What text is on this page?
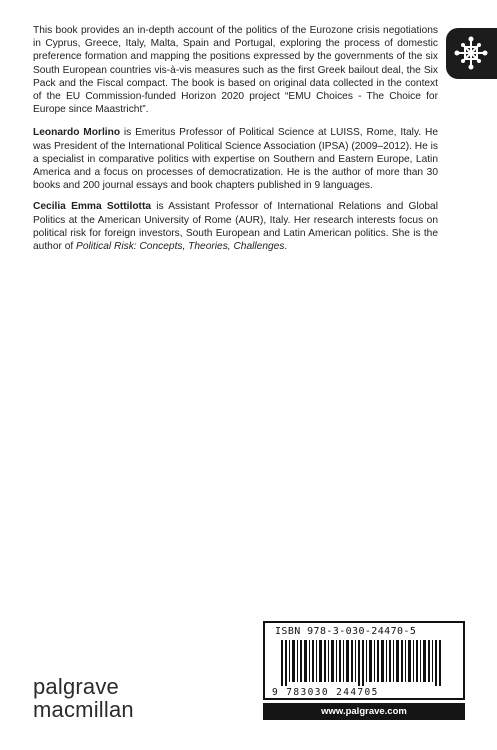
This book provides an in-depth account of the politics of the Eurozone crisis negotiations in Cyprus, Greece, Italy, Malta, Spain and Portugal, exploring the process of domestic preference formation and mapping the positions expressed by the governments of the six South European countries vis-à-vis measures such as the first Greek bailout deal, the Six Pack and the Fiscal compact. The book is based on original data collected in the context of the EU Commission-funded Horizon 2020 project “EMU Choices - The Choice for Europe since Maastricht”.

Leonardo Morlino is Emeritus Professor of Political Science at LUISS, Rome, Italy. He was President of the International Political Science Association (IPSA) (2009–2012). He is a specialist in comparative politics with expertise on Southern and Eastern Europe, Latin America and a focus on processes of democratization. He is the author of more than 30 books and 200 journal essays and book chapters published in 9 languages.

Cecilia Emma Sottilotta is Assistant Professor of International Relations and Global Politics at the American University of Rome (AUR), Italy. Her research interests focus on political risk for foreign investors, South European and Latin American politics. She is the author of Political Risk: Concepts, Theories, Challenges.

palgrave
macmillan
ISBN 978-3-030-24470-5
9 783030 244705
www.palgrave.com
